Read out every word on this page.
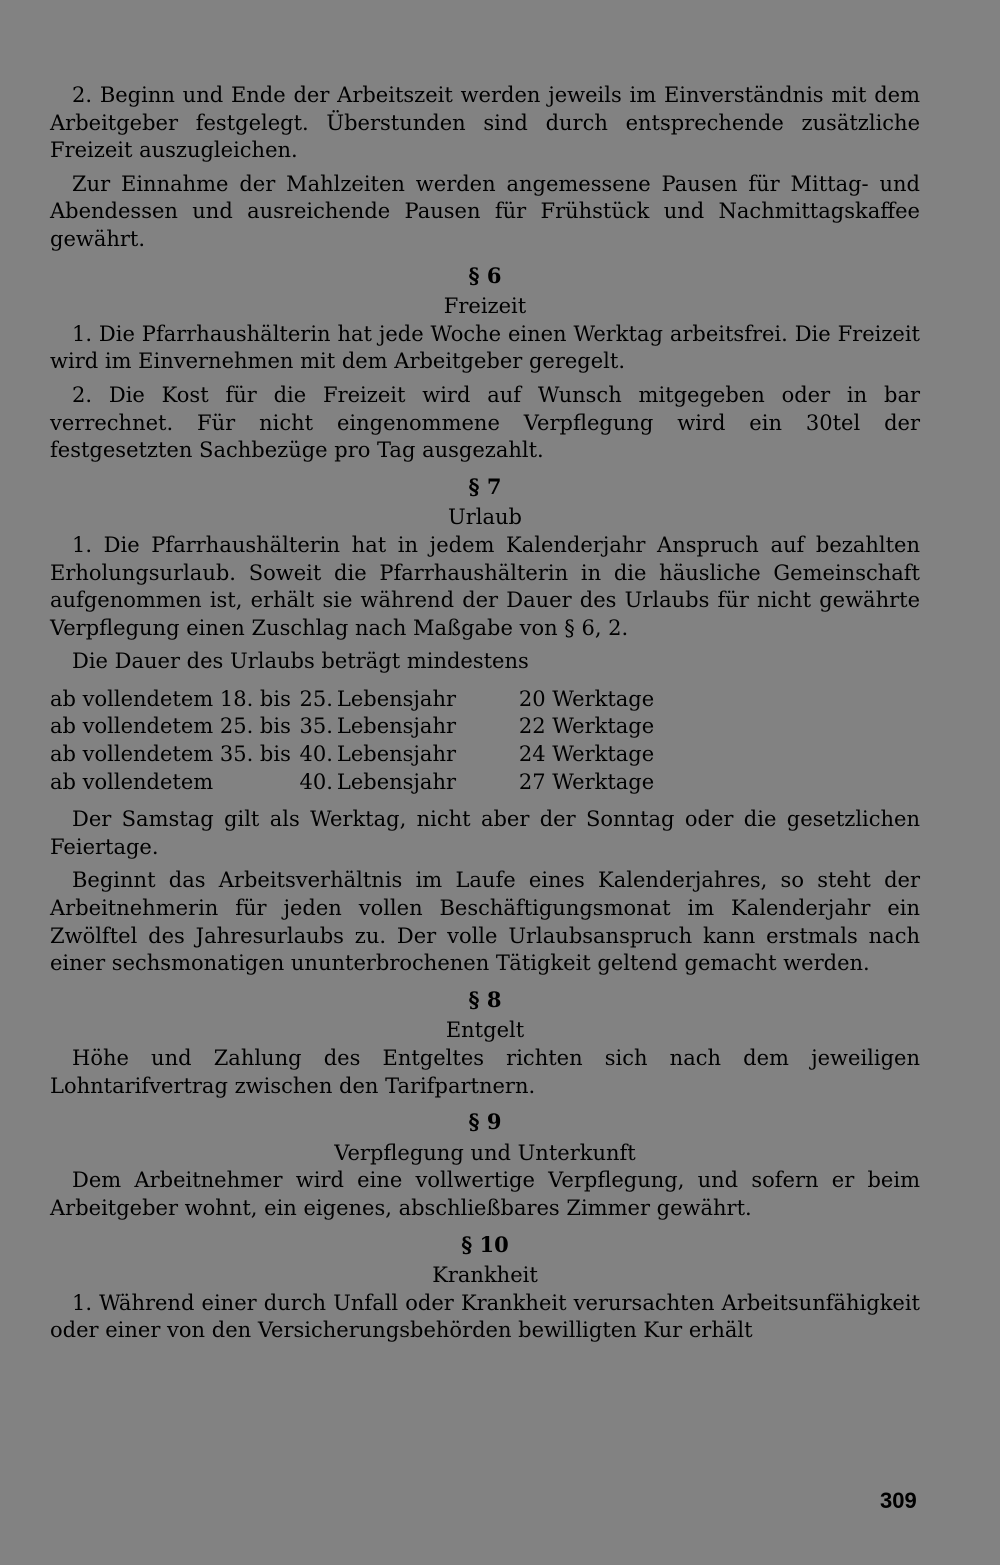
2. Beginn und Ende der Arbeitszeit werden jeweils im Einverständnis mit dem Arbeitgeber festgelegt. Überstunden sind durch entsprechende zusätzliche Freizeit auszugleichen.

Zur Einnahme der Mahlzeiten werden angemessene Pausen für Mittag- und Abendessen und ausreichende Pausen für Frühstück und Nachmittagskaffee gewährt.

§ 6
Freizeit

1. Die Pfarrhaushälterin hat jede Woche einen Werktag arbeitsfrei. Die Freizeit wird im Einvernehmen mit dem Arbeitgeber geregelt.

2. Die Kost für die Freizeit wird auf Wunsch mitgegeben oder in bar verrechnet. Für nicht eingenommene Verpflegung wird ein 30tel der festgesetzten Sachbezüge pro Tag ausgezahlt.

§ 7
Urlaub

1. Die Pfarrhaushälterin hat in jedem Kalenderjahr Anspruch auf bezahlten Erholungsurlaub. Soweit die Pfarrhaushälterin in die häusliche Gemeinschaft aufgenommen ist, erhält sie während der Dauer des Urlaubs für nicht gewährte Verpflegung einen Zuschlag nach Maßgabe von § 6, 2.

Die Dauer des Urlaubs beträgt mindestens

ab vollendetem 18. bis	25.	Lebensjahr	20 Werktage
ab vollendetem 25. bis	35.	Lebensjahr	22 Werktage
ab vollendetem 35. bis	40.	Lebensjahr	24 Werktage
ab vollendetem	40.	Lebensjahr	27 Werktage

Der Samstag gilt als Werktag, nicht aber der Sonntag oder die gesetzlichen Feiertage.

Beginnt das Arbeitsverhältnis im Laufe eines Kalenderjahres, so steht der Arbeitnehmerin für jeden vollen Beschäftigungsmonat im Kalenderjahr ein Zwölftel des Jahresurlaubs zu. Der volle Urlaubsanspruch kann erstmals nach einer sechsmonatigen ununterbrochenen Tätigkeit geltend gemacht werden.

§ 8
Entgelt

Höhe und Zahlung des Entgeltes richten sich nach dem jeweiligen Lohntarifvertrag zwischen den Tarifpartnern.

§ 9
Verpflegung und Unterkunft

Dem Arbeitnehmer wird eine vollwertige Verpflegung, und sofern er beim Arbeitgeber wohnt, ein eigenes, abschließbares Zimmer gewährt.

§ 10
Krankheit

1. Während einer durch Unfall oder Krankheit verursachten Arbeitsunfähigkeit oder einer von den Versicherungsbehörden bewilligten Kur erhält

309
